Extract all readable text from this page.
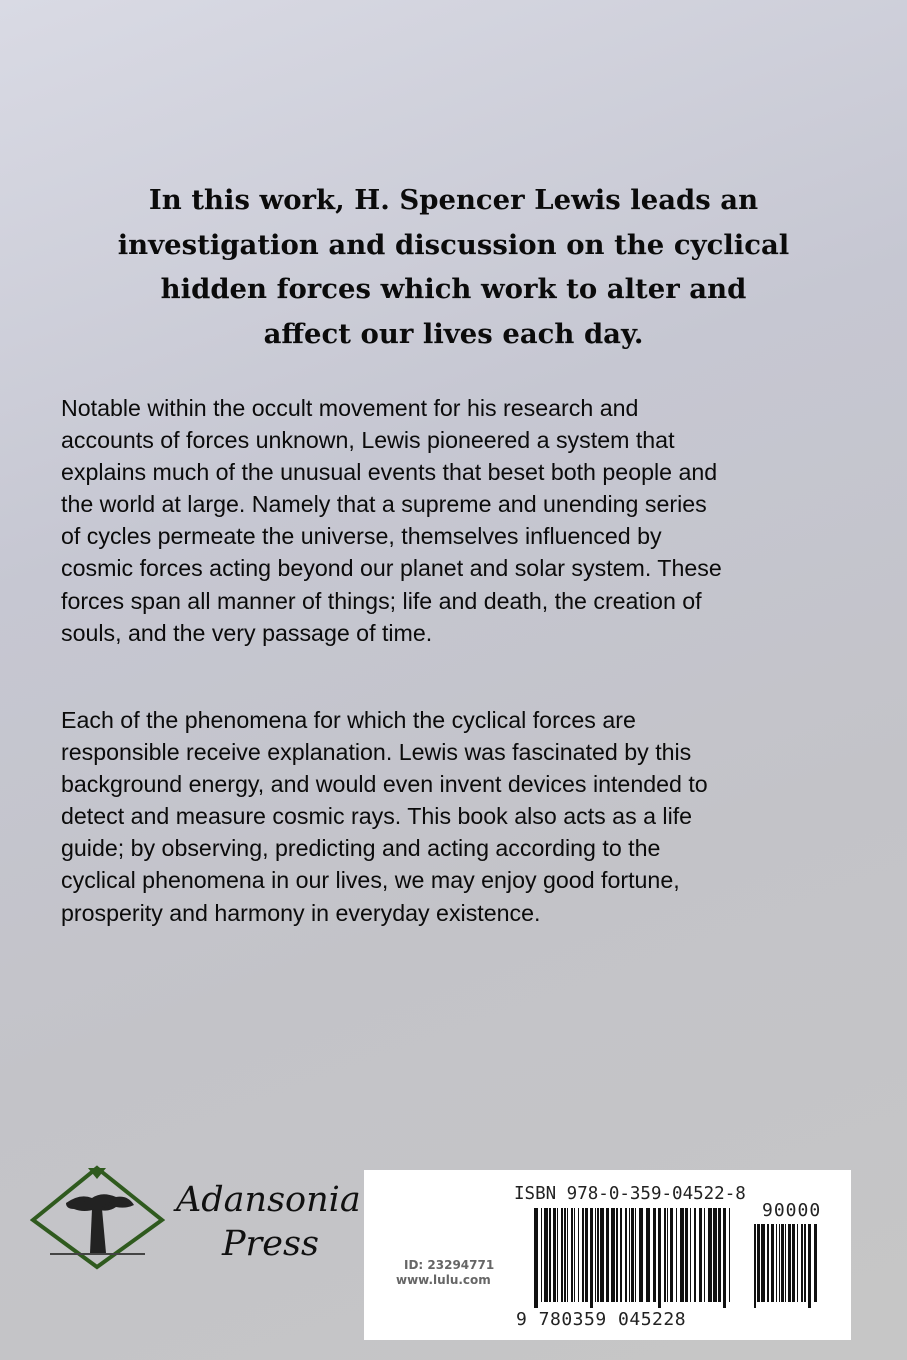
In this work, H. Spencer Lewis leads an
investigation and discussion on the cyclical
hidden forces which work to alter and
affect our lives each day.
Notable within the occult movement for his research and
accounts of forces unknown, Lewis pioneered a system that
explains much of the unusual events that beset both people and
the world at large. Namely that a supreme and unending series
of cycles permeate the universe, themselves influenced by
cosmic forces acting beyond our planet and solar system. These
forces span all manner of things; life and death, the creation of
souls, and the very passage of time.
Each of the phenomena for which the cyclical forces are
responsible receive explanation. Lewis was fascinated by this
background energy, and would even invent devices intended to
detect and measure cosmic rays. This book also acts as a life
guide; by observing, predicting and acting according to the
cyclical phenomena in our lives, we may enjoy good fortune,
prosperity and harmony in everyday existence.
Adansonia
Press
ISBN 978-0-359-04522-8
ID: 23294771
www.lulu.com
90000
9 780359 045228
